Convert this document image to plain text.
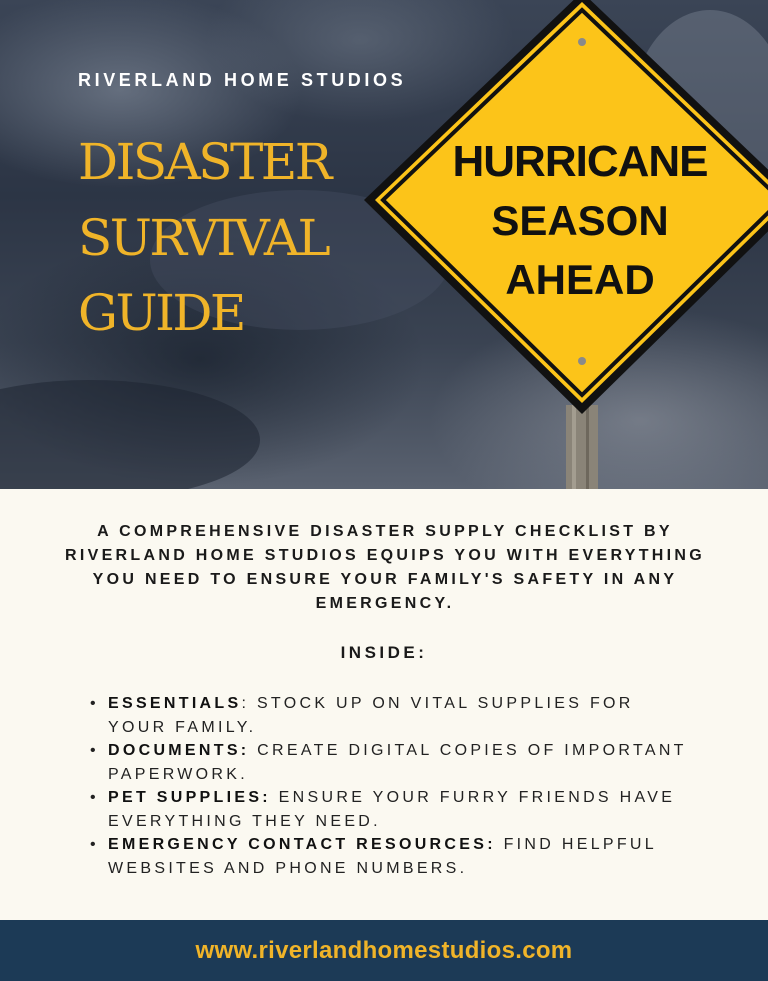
RIVERLAND HOME STUDIOS
DISASTER
SURVIVAL
GUIDE
HURRICANE
SEASON
AHEAD
A COMPREHENSIVE DISASTER SUPPLY CHECKLIST BY RIVERLAND HOME STUDIOS EQUIPS YOU WITH EVERYTHING YOU NEED TO ENSURE YOUR FAMILY'S SAFETY IN ANY EMERGENCY.
INSIDE:
• ESSENTIALS: STOCK UP ON VITAL SUPPLIES FOR YOUR FAMILY.
• DOCUMENTS: CREATE DIGITAL COPIES OF IMPORTANT PAPERWORK.
• PET SUPPLIES: ENSURE YOUR FURRY FRIENDS HAVE EVERYTHING THEY NEED.
• EMERGENCY CONTACT RESOURCES: FIND HELPFUL WEBSITES AND PHONE NUMBERS.
www.riverlandhomestudios.com
